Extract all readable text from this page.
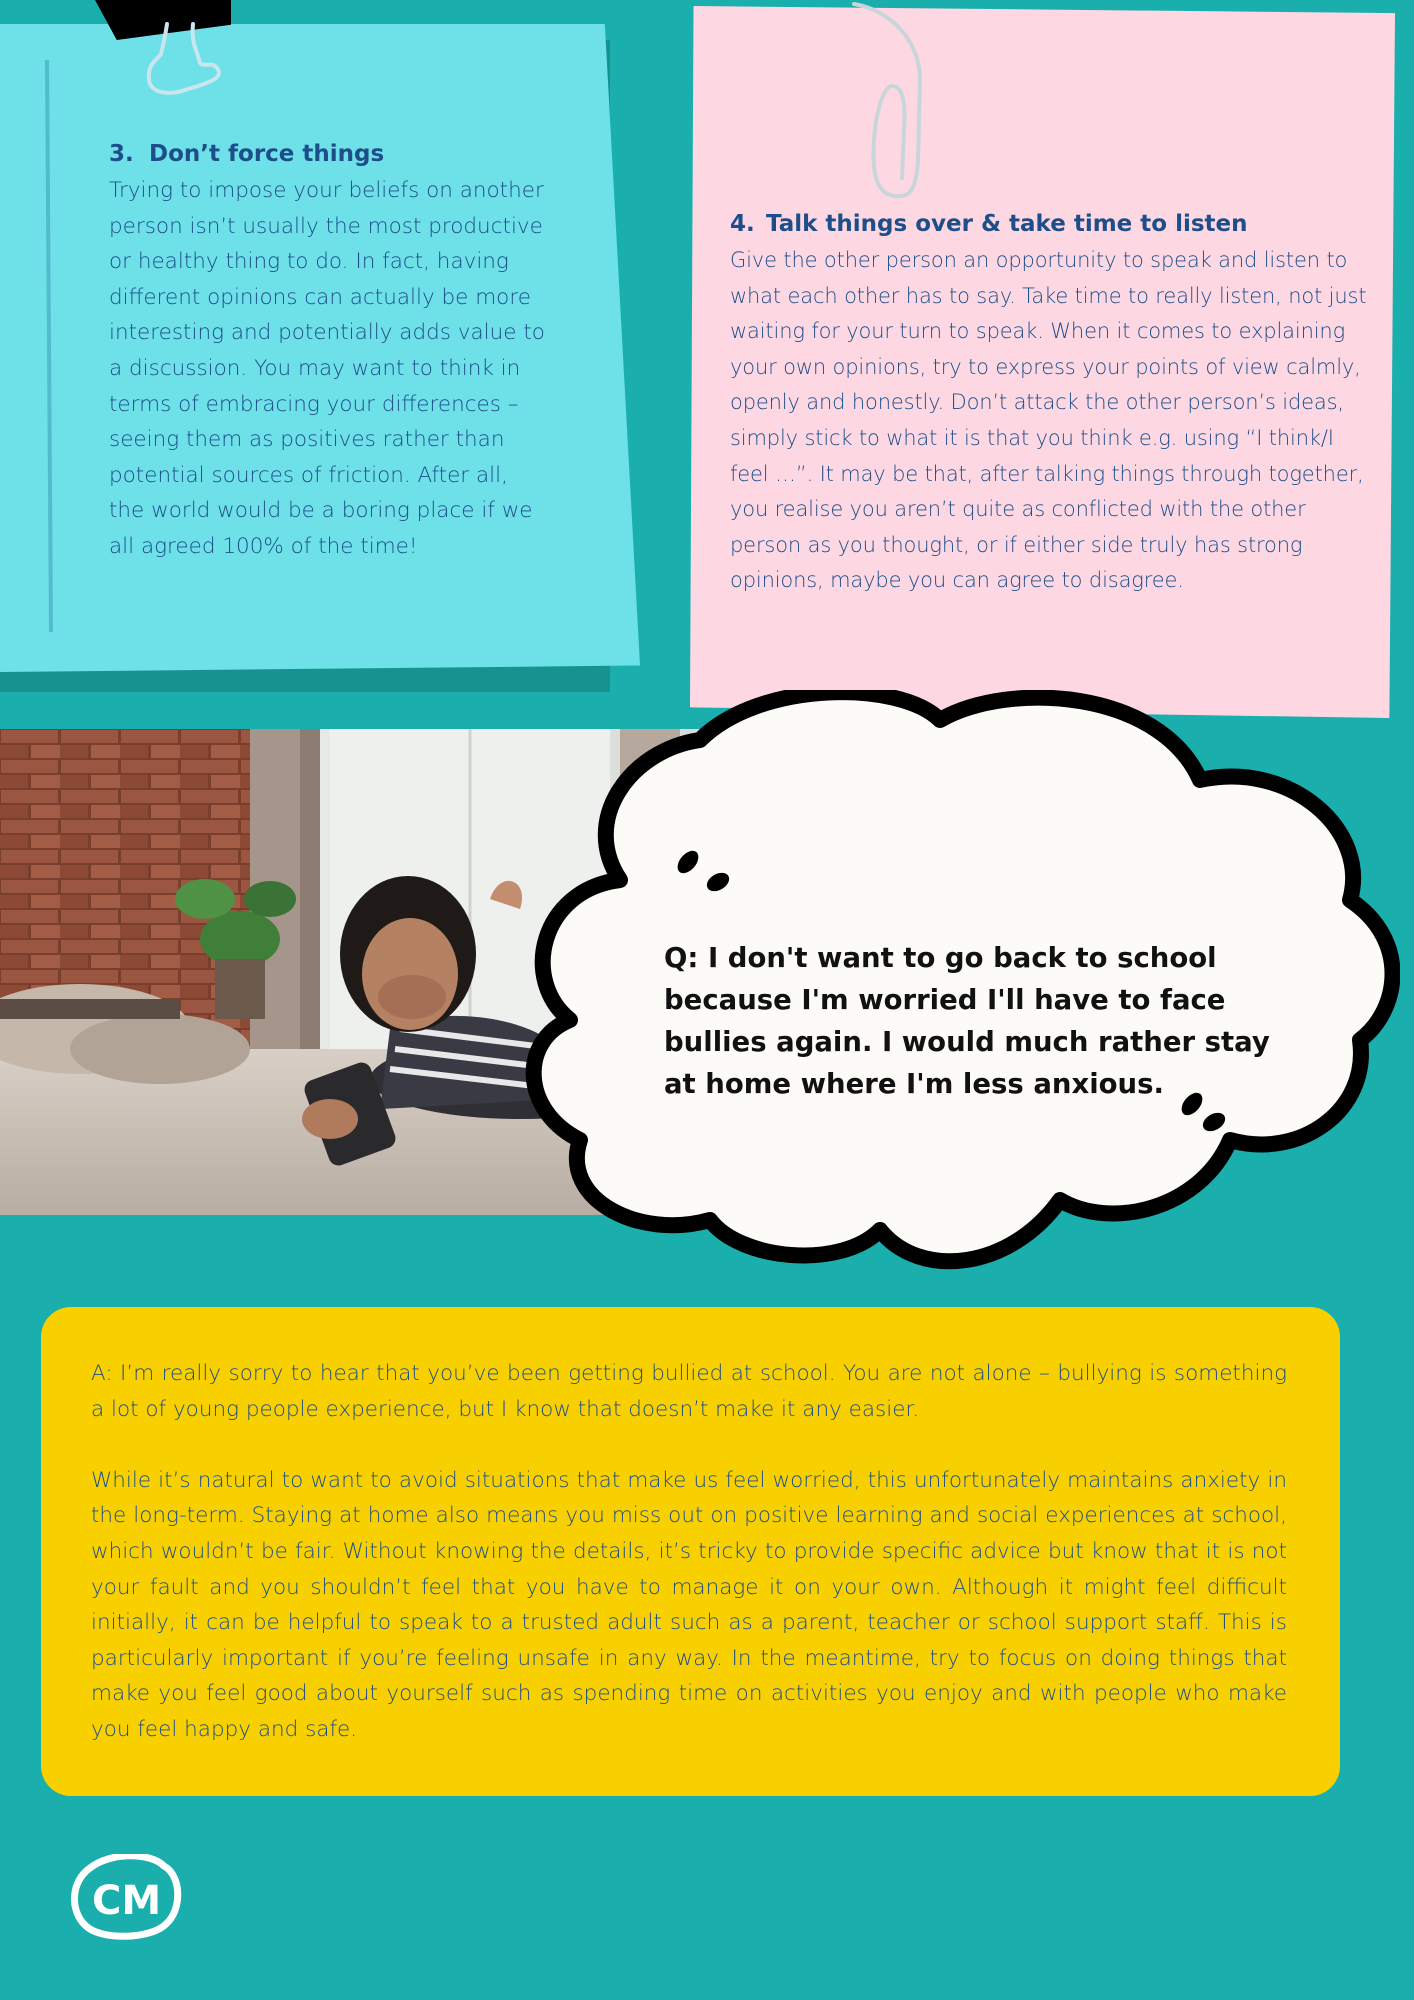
3. Don’t force things

Trying to impose your beliefs on another person isn’t usually the most productive or healthy thing to do. In fact, having different opinions can actually be more interesting and potentially adds value to a discussion. You may want to think in terms of embracing your differences – seeing them as positives rather than potential sources of friction. After all, the world would be a boring place if we all agreed 100% of the time!

4. Talk things over & take time to listen

Give the other person an opportunity to speak and listen to what each other has to say. Take time to really listen, not just waiting for your turn to speak. When it comes to explaining your own opinions, try to express your points of view calmly, openly and honestly. Don’t attack the other person’s ideas, simply stick to what it is that you think e.g. using “I think/I feel …”. It may be that, after talking things through together, you realise you aren’t quite as conflicted with the other person as you thought, or if either side truly has strong opinions, maybe you can agree to disagree.

Q: I don't want to go back to school because I'm worried I'll have to face bullies again. I would much rather stay at home where I'm less anxious.

A: I’m really sorry to hear that you’ve been getting bullied at school. You are not alone – bullying is something a lot of young people experience, but I know that doesn’t make it any easier.

While it’s natural to want to avoid situations that make us feel worried, this unfortunately maintains anxiety in the long-term. Staying at home also means you miss out on positive learning and social experiences at school, which wouldn’t be fair. Without knowing the details, it’s tricky to provide specific advice but know that it is not your fault and you shouldn’t feel that you have to manage it on your own. Although it might feel difficult initially, it can be helpful to speak to a trusted adult such as a parent, teacher or school support staff. This is particularly important if you’re feeling unsafe in any way. In the meantime, try to focus on doing things that make you feel good about yourself such as spending time on activities you enjoy and with people who make you feel happy and safe.

CM
